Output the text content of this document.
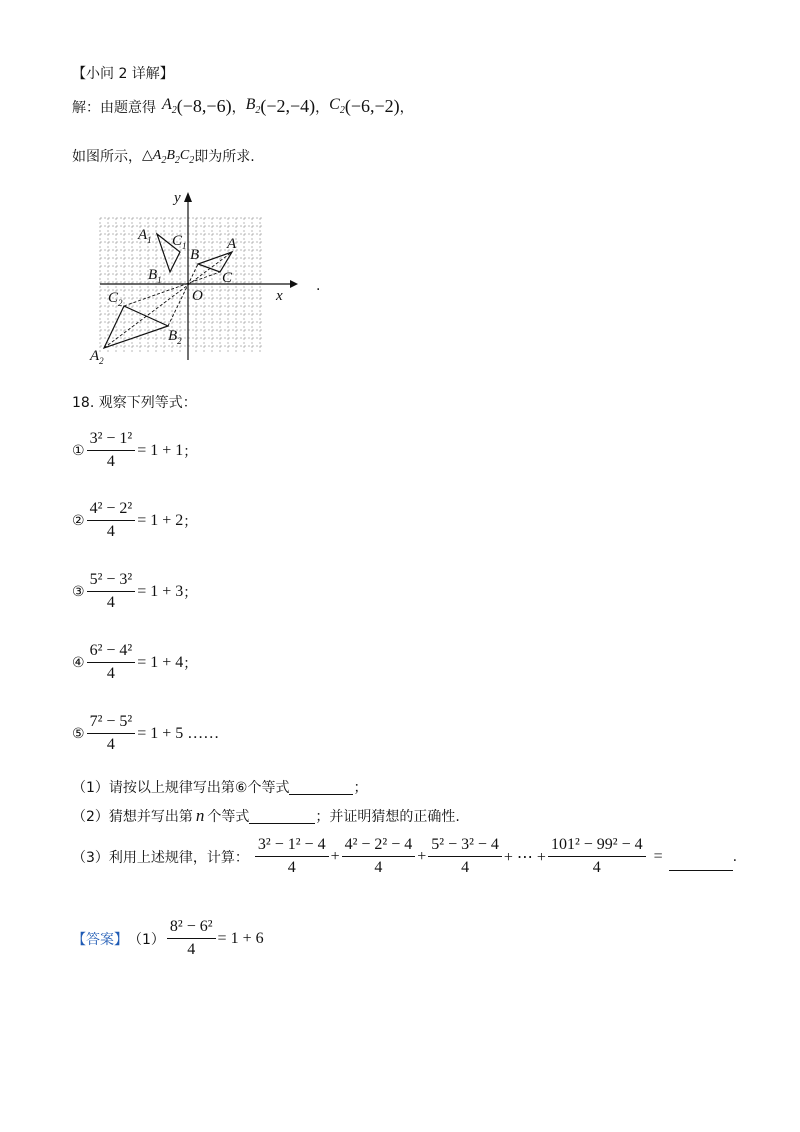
【小问 2 详解】
解：由题意得 $A_2$ (−8,−6) ， $B_2$ (−2,−4) ， $C_2$ (−6,−2) ，
如图所示， $\triangle A_2B_2C_2$ 即为所求.
$A_1$ $C_1$
$B_1$
B
A
C
$C_2$
$B_2$
$A_2$
O	x
y
.
18. 观察下列等式：
① $\frac{\text{3² − 1²}}{4} = 1 + 1$ ；
② $\frac{\text{4² − 2²}}{4} = 1 + 2$ ；
③ $\frac{\text{5² − 3²}}{4} = 1 + 3$ ；
④ $\frac{\text{6² − 4²}}{4} = 1 + 4$ ；
⑤ $\frac{\text{7² − 5²}}{4} = 1 + 5$ ……
（1）请按以上规律写出第⑥个等式	；
（2）猜想并写出第 n 个等式	；并证明猜想的正确性.
（3）利用上述规律，计算： $\frac{\text{3² − 1² − 4}}{4} + \frac{\text{4² − 2² − 4}}{4} + \frac{\text{5² − 3² − 4}}{4}$ + ⋯ + $\frac{\text{101² − 99² − 4}}{4}$ =	.
【答案】 $(1) \frac{\text{8² − 6²}}{4} = 1 + 6$
